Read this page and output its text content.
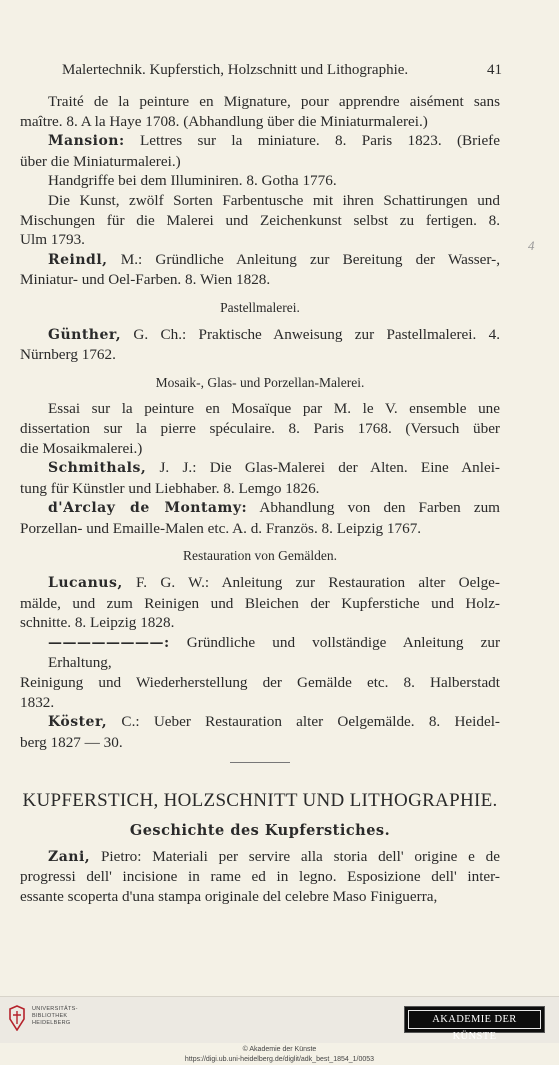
Malertechnik. Kupferstich, Holzschnitt und Lithographie.	41
4
Traité de la peinture en Mignature, pour apprendre aisément sans
maître. 8. A la Haye 1708. (Abhandlung über die Miniaturmalerei.)
Mansion: Lettres sur la miniature. 8. Paris 1823. (Briefe
über die Miniaturmalerei.)
Handgriffe bei dem Illuminiren. 8. Gotha 1776.
Die Kunst, zwölf Sorten Farbentusche mit ihren Schattirungen und
Mischungen für die Malerei und Zeichenkunst selbst zu fertigen. 8.
Ulm 1793.
Reindl, M.: Gründliche Anleitung zur Bereitung der Wasser-,
Miniatur- und Oel-Farben. 8. Wien 1828.
Pastellmalerei.
Günther, G. Ch.: Praktische Anweisung zur Pastellmalerei. 4.
Nürnberg 1762.
Mosaik-, Glas- und Porzellan-Malerei.
Essai sur la peinture en Mosaïque par M. le V. ensemble une
dissertation sur la pierre spéculaire. 8. Paris 1768. (Versuch über
die Mosaikmalerei.)
Schmithals, J. J.: Die Glas-Malerei der Alten. Eine Anlei-
tung für Künstler und Liebhaber. 8. Lemgo 1826.
d'Arclay de Montamy: Abhandlung von den Farben zum
Porzellan- und Emaille-Malen etc. A. d. Französ. 8. Leipzig 1767.
Restauration von Gemälden.
Lucanus, F. G. W.: Anleitung zur Restauration alter Oelge-
mälde, und zum Reinigen und Bleichen der Kupferstiche und Holz-
schnitte. 8. Leipzig 1828.
————————: Gründliche und vollständige Anleitung zur Erhaltung,
Reinigung und Wiederherstellung der Gemälde etc. 8. Halberstadt
1832.
Köster, C.: Ueber Restauration alter Oelgemälde. 8. Heidel-
berg 1827 — 30.
KUPFERSTICH, HOLZSCHNITT UND LITHOGRAPHIE.
Geschichte des Kupferstiches.
Zani, Pietro: Materiali per servire alla storia dell' origine e de
progressi dell' incisione in rame ed in legno. Esposizione dell' inter-
essante scoperta d'una stampa originale del celebre Maso Finiguerra,
UNIVERSITÄTS-
BIBLIOTHEK
HEIDELBERG	AKADEMIE DER KÜNSTE
© Akademie der Künste
https://digi.ub.uni-heidelberg.de/diglit/adk_best_1854_1/0053
